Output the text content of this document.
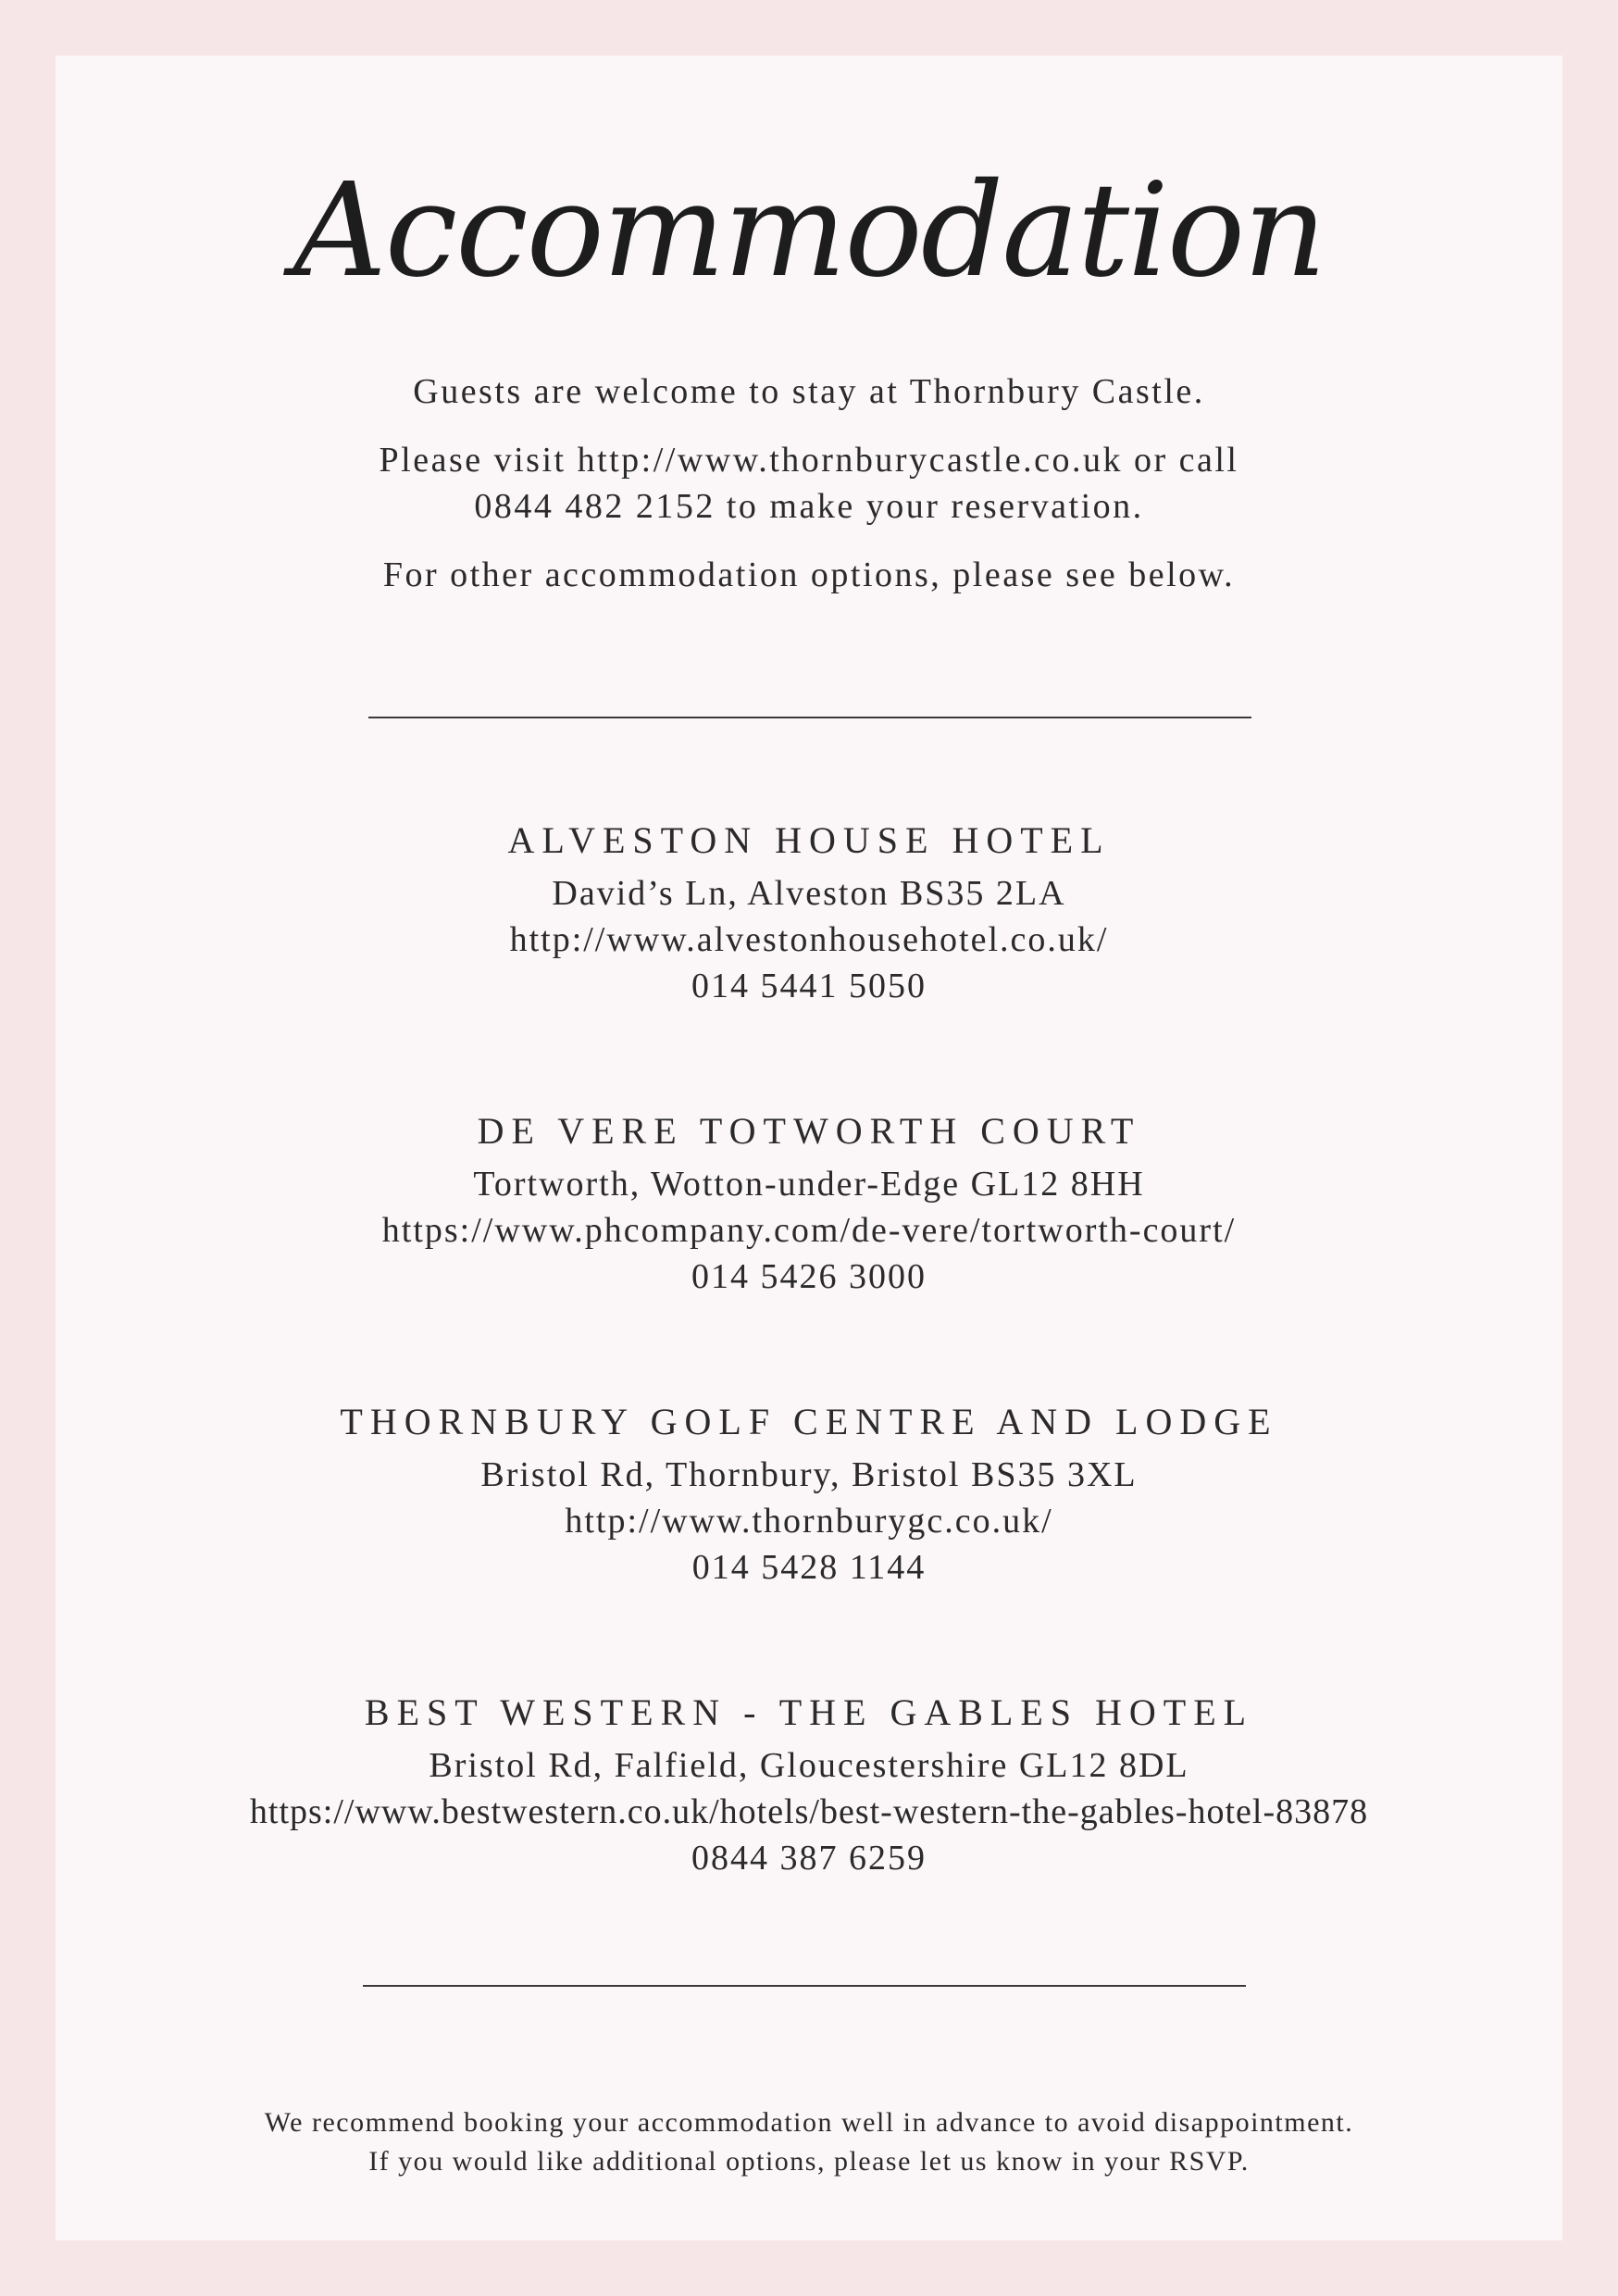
Accommodation

Guests are welcome to stay at Thornbury Castle.

Please visit http://www.thornburycastle.co.uk or call
0844 482 2152 to make your reservation.

For other accommodation options, please see below.

ALVESTON HOUSE HOTEL
David’s Ln, Alveston BS35 2LA
http://www.alvestonhousehotel.co.uk/
014 5441 5050
DE VERE TOTWORTH COURT
Tortworth, Wotton-under-Edge GL12 8HH
https://www.phcompany.com/de-vere/tortworth-court/
014 5426 3000
THORNBURY GOLF CENTRE AND LODGE
Bristol Rd, Thornbury, Bristol BS35 3XL
http://www.thornburygc.co.uk/
014 5428 1144
BEST WESTERN - THE GABLES HOTEL
Bristol Rd, Falfield, Gloucestershire GL12 8DL
https://www.bestwestern.co.uk/hotels/best-western-the-gables-hotel-83878
0844 387 6259
We recommend booking your accommodation well in advance to avoid disappointment.
If you would like additional options, please let us know in your RSVP.
